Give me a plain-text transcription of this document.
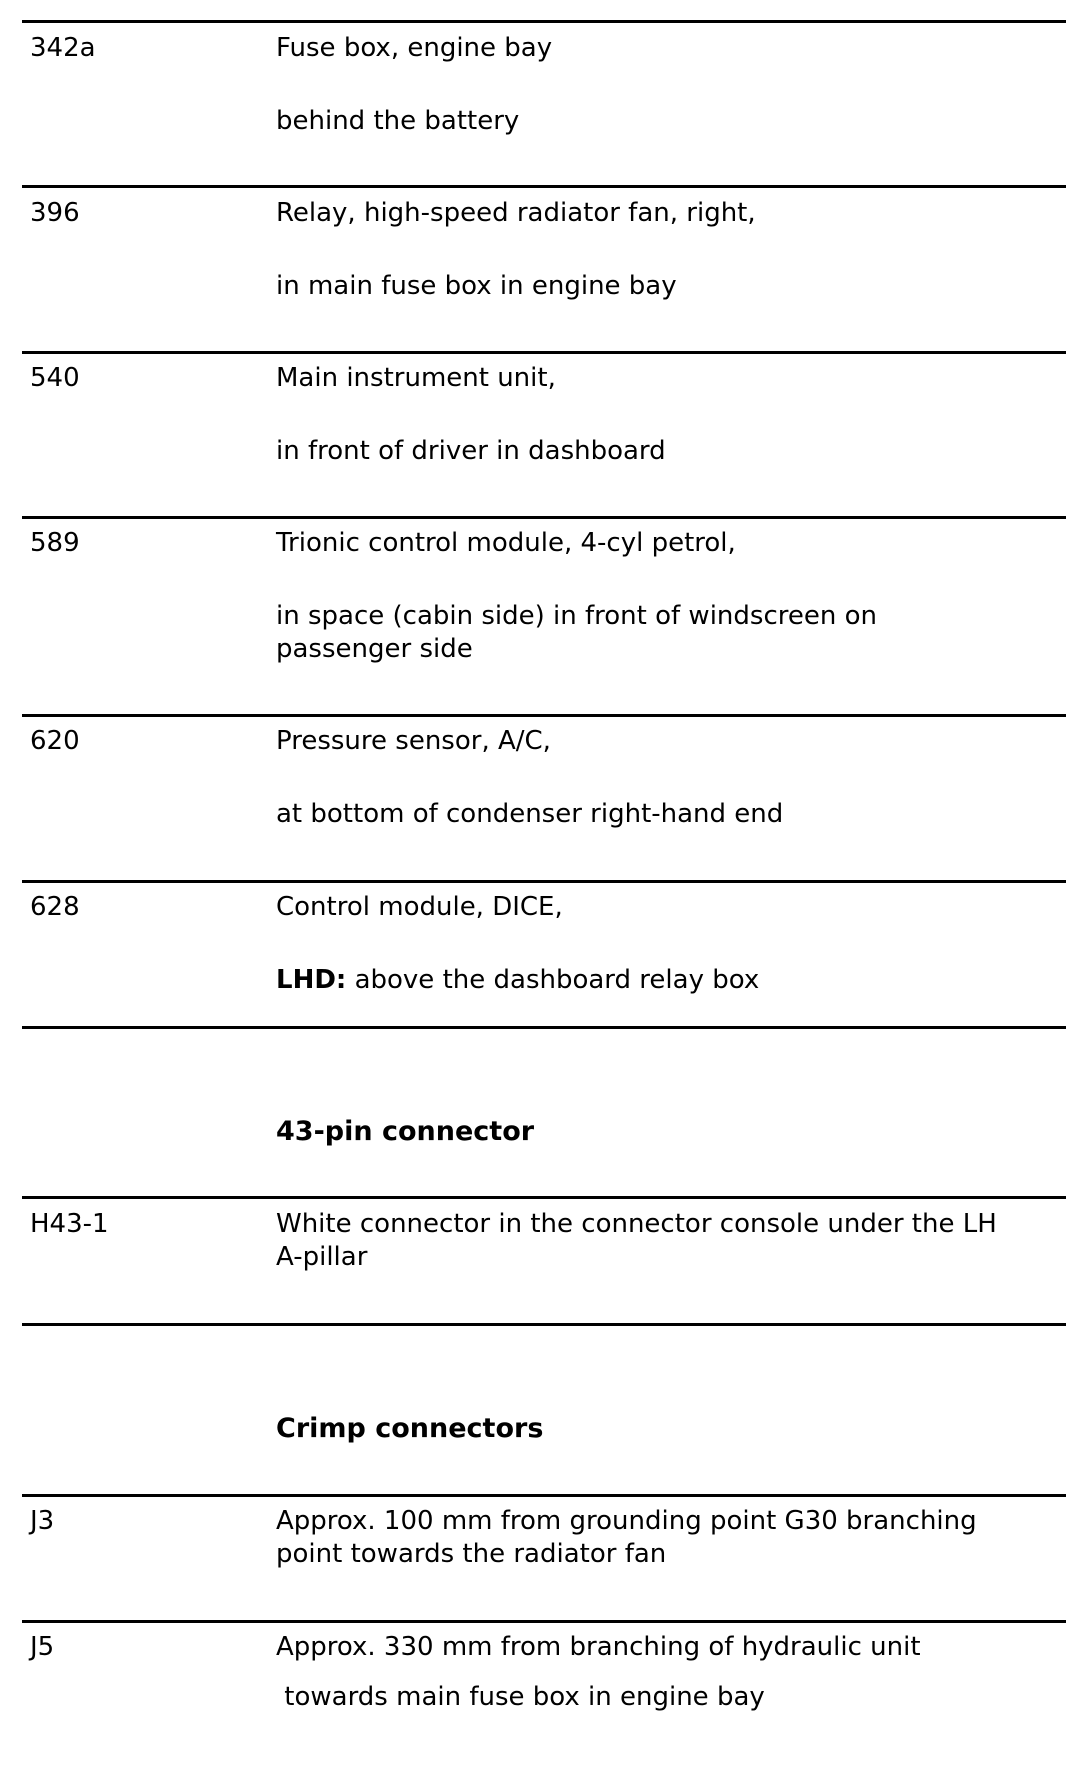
342a	Fuse box, engine bay
behind the battery
396	Relay, high-speed radiator fan, right,
in main fuse box in engine bay
540	Main instrument unit,
in front of driver in dashboard
589	Trionic control module, 4-cyl petrol,
in space (cabin side) in front of windscreen on
passenger side
620	Pressure sensor, A/C,
at bottom of condenser right-hand end
628	Control module, DICE,
LHD: above the dashboard relay box
43-pin connector
H43-1	White connector in the connector console under the LH
A-pillar
Crimp connectors
J3	Approx. 100 mm from grounding point G30 branching
point towards the radiator fan
J5	Approx. 330 mm from branching of hydraulic unit
towards main fuse box in engine bay
